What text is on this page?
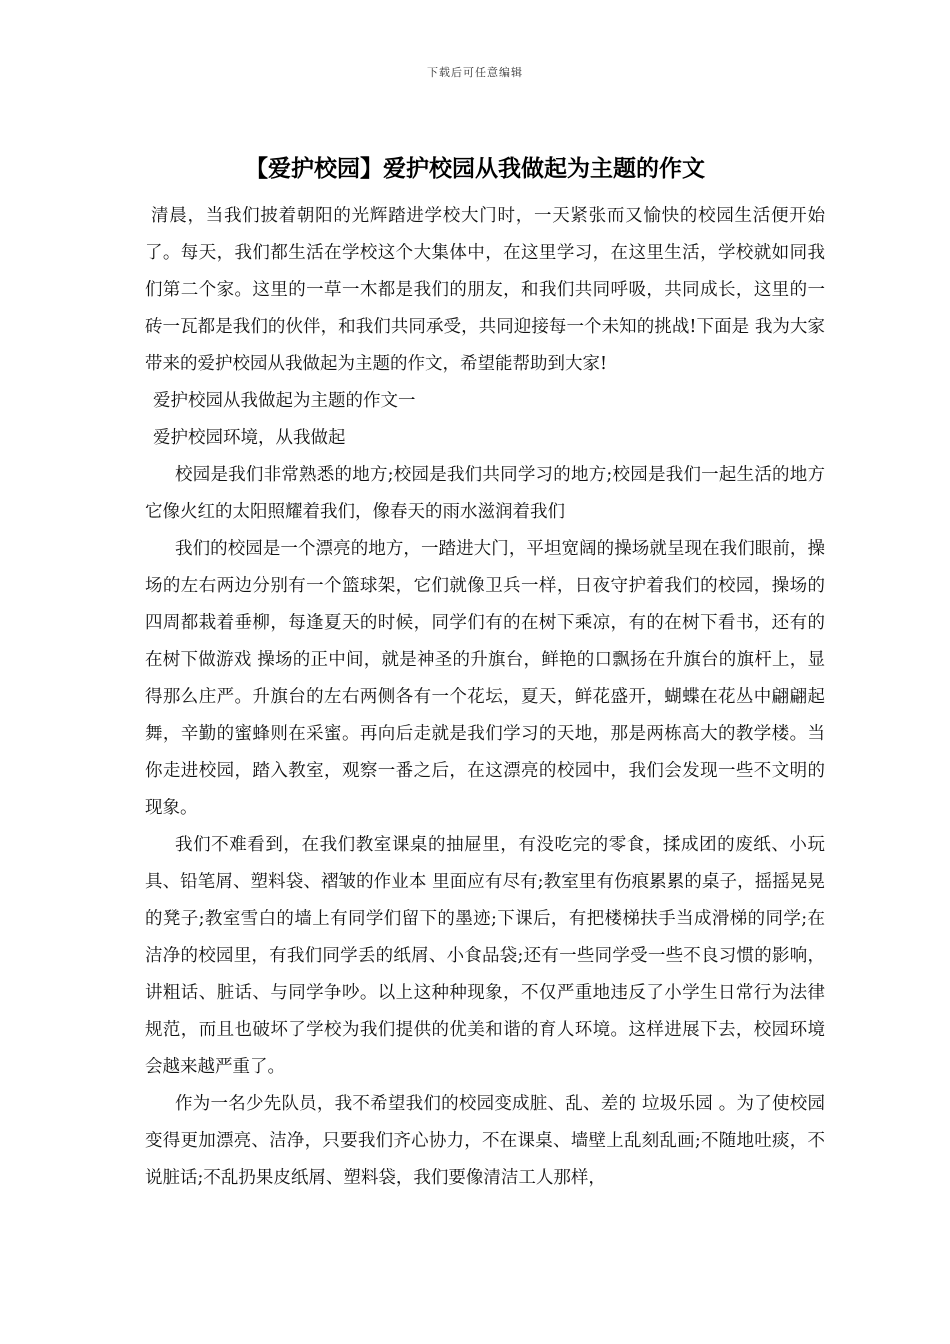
下载后可任意编辑
【爱护校园】爱护校园从我做起为主题的作文

清晨，当我们披着朝阳的光辉踏进学校大门时，一天紧张而又愉快的校园生活便开始了。每天，我们都生活在学校这个大集体中，在这里学习，在这里生活，学校就如同我们第二个家。这里的一草一木都是我们的朋友，和我们共同呼吸，共同成长，这里的一砖一瓦都是我们的伙伴，和我们共同承受，共同迎接每一个未知的挑战!下面是 我为大家带来的爱护校园从我做起为主题的作文，希望能帮助到大家!

爱护校园从我做起为主题的作文一

爱护校园环境，从我做起

校园是我们非常熟悉的地方;校园是我们共同学习的地方;校园是我们一起生活的地方 它像火红的太阳照耀着我们，像春天的雨水滋润着我们

我们的校园是一个漂亮的地方，一踏进大门，平坦宽阔的操场就呈现在我们眼前，操场的左右两边分别有一个篮球架，它们就像卫兵一样，日夜守护着我们的校园，操场的四周都栽着垂柳，每逢夏天的时候，同学们有的在树下乘凉，有的在树下看书，还有的在树下做游戏 操场的正中间，就是神圣的升旗台，鲜艳的口飘扬在升旗台的旗杆上，显得那么庄严。升旗台的左右两侧各有一个花坛，夏天，鲜花盛开，蝴蝶在花丛中翩翩起舞，辛勤的蜜蜂则在采蜜。再向后走就是我们学习的天地，那是两栋高大的教学楼。当你走进校园，踏入教室，观察一番之后，在这漂亮的校园中，我们会发现一些不文明的现象。

我们不难看到，在我们教室课桌的抽屉里，有没吃完的零食，揉成团的废纸、小玩具、铅笔屑、塑料袋、褶皱的作业本 里面应有尽有;教室里有伤痕累累的桌子，摇摇晃晃的凳子;教室雪白的墙上有同学们留下的墨迹;下课后，有把楼梯扶手当成滑梯的同学;在洁净的校园里，有我们同学丢的纸屑、小食品袋;还有一些同学受一些不良习惯的影响，讲粗话、脏话、与同学争吵。以上这种种现象，不仅严重地违反了小学生日常行为法律规范，而且也破坏了学校为我们提供的优美和谐的育人环境。这样进展下去，校园环境会越来越严重了。

作为一名少先队员，我不希望我们的校园变成脏、乱、差的 垃圾乐园 。为了使校园变得更加漂亮、洁净，只要我们齐心协力，不在课桌、墙壁上乱刻乱画;不随地吐痰，不说脏话;不乱扔果皮纸屑、塑料袋，我们要像清洁工人那样，
